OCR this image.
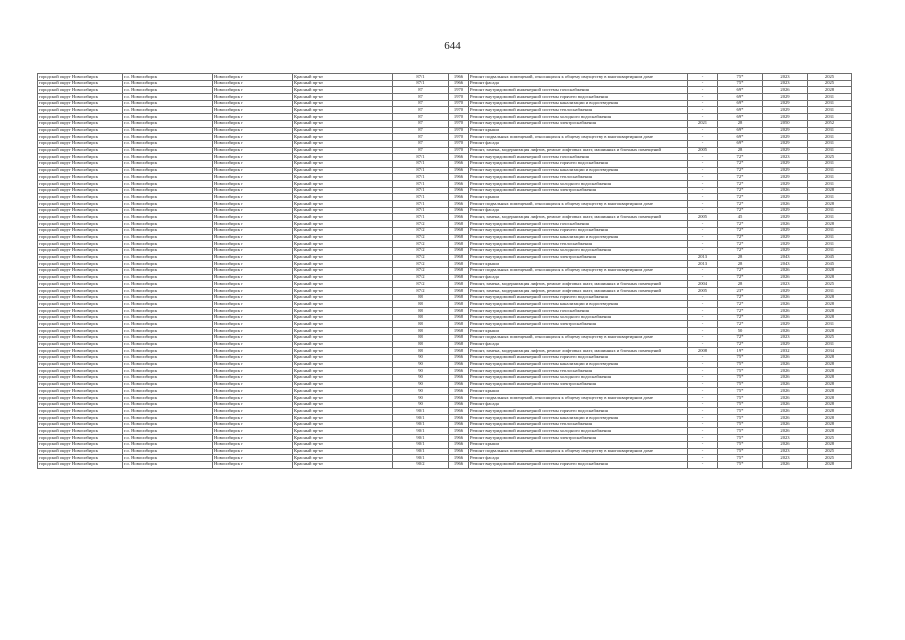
644
городской округ Новосибирск	г.о. Новосибирск	Новосибирск г	Красный пр-кт	87/1	1966	Ремонт подвальных помещений, относящихся к общему имуществу в многоквартирном доме	-	75*	2023	2025
городской округ Новосибирск	г.о. Новосибирск	Новосибирск г	Красный пр-кт	87/1	1966	Ремонт фасада	-	75*	2023	2025
городской округ Новосибирск	г.о. Новосибирск	Новосибирск г	Красный пр-кт	87	1970	Ремонт внутридомовой инженерной системы газоснабжения	-	69*	2026	2028
городской округ Новосибирск	г.о. Новосибирск	Новосибирск г	Красный пр-кт	87	1970	Ремонт внутридомовой инженерной системы горячего водоснабжения	-	69*	2029	2031
городской округ Новосибирск	г.о. Новосибирск	Новосибирск г	Красный пр-кт	87	1970	Ремонт внутридомовой инженерной системы канализации и водоотведения	-	69*	2029	2031
городской округ Новосибирск	г.о. Новосибирск	Новосибирск г	Красный пр-кт	87	1970	Ремонт внутридомовой инженерной системы теплоснабжения	-	69*	2029	2031
городской округ Новосибирск	г.о. Новосибирск	Новосибирск г	Красный пр-кт	87	1970	Ремонт внутридомовой инженерной системы холодного водоснабжения	-	69*	2029	2031
городской округ Новосибирск	г.о. Новосибирск	Новосибирск г	Красный пр-кт	87	1970	Ремонт внутридомовой инженерной системы электроснабжения	2021	28	2050	2052
городской округ Новосибирск	г.о. Новосибирск	Новосибирск г	Красный пр-кт	87	1970	Ремонт крыши	-	69*	2029	2031
городской округ Новосибирск	г.о. Новосибирск	Новосибирск г	Красный пр-кт	87	1970	Ремонт подвальных помещений, относящихся к общему имуществу в многоквартирном доме	-	69*	2029	2031
городской округ Новосибирск	г.о. Новосибирск	Новосибирск г	Красный пр-кт	87	1970	Ремонт фасада	-	69*	2029	2031
городской округ Новосибирск	г.о. Новосибирск	Новосибирск г	Красный пр-кт	87	1970	Ремонт, замена, модернизация лифтов, ремонт лифтовых шахт, машинных и блочных помещений	2005	28	2029	2031
городской округ Новосибирск	г.о. Новосибирск	Новосибирск г	Красный пр-кт	87/1	1966	Ремонт внутридомовой инженерной системы газоснабжения	-	72*	2023	2025
городской округ Новосибирск	г.о. Новосибирск	Новосибирск г	Красный пр-кт	87/1	1966	Ремонт внутридомовой инженерной системы горячего водоснабжения	-	72*	2029	2031
городской округ Новосибирск	г.о. Новосибирск	Новосибирск г	Красный пр-кт	87/1	1966	Ремонт внутридомовой инженерной системы канализации и водоотведения	-	72*	2029	2031
городской округ Новосибирск	г.о. Новосибирск	Новосибирск г	Красный пр-кт	87/1	1966	Ремонт внутридомовой инженерной системы теплоснабжения	-	72*	2029	2031
городской округ Новосибирск	г.о. Новосибирск	Новосибирск г	Красный пр-кт	87/1	1966	Ремонт внутридомовой инженерной системы холодного водоснабжения	-	72*	2029	2031
городской округ Новосибирск	г.о. Новосибирск	Новосибирск г	Красный пр-кт	87/1	1966	Ремонт внутридомовой инженерной системы электроснабжения	-	72*	2026	2028
городской округ Новосибирск	г.о. Новосибирск	Новосибирск г	Красный пр-кт	87/1	1966	Ремонт крыши	-	72*	2029	2031
городской округ Новосибирск	г.о. Новосибирск	Новосибирск г	Красный пр-кт	87/1	1966	Ремонт подвальных помещений, относящихся к общему имуществу в многоквартирном доме	-	72*	2026	2028
городской округ Новосибирск	г.о. Новосибирск	Новосибирск г	Красный пр-кт	87/1	1966	Ремонт фасада	-	72*	2029	2031
городской округ Новосибирск	г.о. Новосибирск	Новосибирск г	Красный пр-кт	87/1	1966	Ремонт, замена, модернизация лифтов, ремонт лифтовых шахт, машинных и блочных помещений	2005	45	2029	2031
городской округ Новосибирск	г.о. Новосибирск	Новосибирск г	Красный пр-кт	87/2	1968	Ремонт внутридомовой инженерной системы газоснабжения	-	72*	2026	2028
городской округ Новосибирск	г.о. Новосибирск	Новосибирск г	Красный пр-кт	87/2	1968	Ремонт внутридомовой инженерной системы горячего водоснабжения	-	72*	2029	2031
городской округ Новосибирск	г.о. Новосибирск	Новосибирск г	Красный пр-кт	87/2	1968	Ремонт внутридомовой инженерной системы канализации и водоотведения	-	72*	2029	2031
городской округ Новосибирск	г.о. Новосибирск	Новосибирск г	Красный пр-кт	87/2	1968	Ремонт внутридомовой инженерной системы теплоснабжения	-	72*	2029	2031
городской округ Новосибирск	г.о. Новосибирск	Новосибирск г	Красный пр-кт	87/2	1968	Ремонт внутридомовой инженерной системы холодного водоснабжения	-	72*	2029	2031
городской округ Новосибирск	г.о. Новосибирск	Новосибирск г	Красный пр-кт	87/2	1968	Ремонт внутридомовой инженерной системы электроснабжения	2013	28	2043	2045
городской округ Новосибирск	г.о. Новосибирск	Новосибирск г	Красный пр-кт	87/2	1968	Ремонт крыши	2013	28	2043	2045
городской округ Новосибирск	г.о. Новосибирск	Новосибирск г	Красный пр-кт	87/2	1968	Ремонт подвальных помещений, относящихся к общему имуществу в многоквартирном доме	-	72*	2026	2028
городской округ Новосибирск	г.о. Новосибирск	Новосибирск г	Красный пр-кт	87/2	1968	Ремонт фасада	-	72*	2026	2028
городской округ Новосибирск	г.о. Новосибирск	Новосибирск г	Красный пр-кт	87/2	1968	Ремонт, замена, модернизация лифтов, ремонт лифтовых шахт, машинных и блочных помещений	2004	28	2023	2025
городской округ Новосибирск	г.о. Новосибирск	Новосибирск г	Красный пр-кт	87/2	1968	Ремонт, замена, модернизация лифтов, ремонт лифтовых шахт, машинных и блочных помещений	2005	23*	2029	2031
городской округ Новосибирск	г.о. Новосибирск	Новосибирск г	Красный пр-кт	88	1968	Ремонт внутридомовой инженерной системы горячего водоснабжения	-	72*	2026	2028
городской округ Новосибирск	г.о. Новосибирск	Новосибирск г	Красный пр-кт	88	1968	Ремонт внутридомовой инженерной системы канализации и водоотведения	-	72*	2026	2028
городской округ Новосибирск	г.о. Новосибирск	Новосибирск г	Красный пр-кт	88	1968	Ремонт внутридомовой инженерной системы газоснабжения	-	72*	2026	2028
городской округ Новосибирск	г.о. Новосибирск	Новосибирск г	Красный пр-кт	88	1968	Ремонт внутридомовой инженерной системы холодного водоснабжения	-	72*	2026	2028
городской округ Новосибирск	г.о. Новосибирск	Новосибирск г	Красный пр-кт	88	1968	Ремонт внутридомовой инженерной системы электроснабжения	-	72*	2029	2031
городской округ Новосибирск	г.о. Новосибирск	Новосибирск г	Красный пр-кт	88	1968	Ремонт крыши	-	50	2026	2028
городской округ Новосибирск	г.о. Новосибирск	Новосибирск г	Красный пр-кт	88	1968	Ремонт подвальных помещений, относящихся к общему имуществу в многоквартирном доме	-	72*	2023	2025
городской округ Новосибирск	г.о. Новосибирск	Новосибирск г	Красный пр-кт	88	1968	Ремонт фасада	-	72*	2029	2031
городской округ Новосибирск	г.о. Новосибирск	Новосибирск г	Красный пр-кт	88	1968	Ремонт, замена, модернизация лифтов, ремонт лифтовых шахт, машинных и блочных помещений	2008	19*	2032	2034
городской округ Новосибирск	г.о. Новосибирск	Новосибирск г	Красный пр-кт	90	1966	Ремонт внутридомовой инженерной системы горячего водоснабжения	-	75*	2026	2028
городской округ Новосибирск	г.о. Новосибирск	Новосибирск г	Красный пр-кт	90	1966	Ремонт внутридомовой инженерной системы канализации и водоотведения	-	75*	2026	2028
городской округ Новосибирск	г.о. Новосибирск	Новосибирск г	Красный пр-кт	90	1966	Ремонт внутридомовой инженерной системы теплоснабжения	-	75*	2026	2028
городской округ Новосибирск	г.о. Новосибирск	Новосибирск г	Красный пр-кт	90	1966	Ремонт внутридомовой инженерной системы холодного водоснабжения	-	75*	2026	2028
городской округ Новосибирск	г.о. Новосибирск	Новосибирск г	Красный пр-кт	90	1966	Ремонт внутридомовой инженерной системы электроснабжения	-	75*	2026	2028
городской округ Новосибирск	г.о. Новосибирск	Новосибирск г	Красный пр-кт	90	1966	Ремонт крыши	-	75*	2026	2028
городской округ Новосибирск	г.о. Новосибирск	Новосибирск г	Красный пр-кт	90	1966	Ремонт подвальных помещений, относящихся к общему имуществу в многоквартирном доме	-	75*	2026	2028
городской округ Новосибирск	г.о. Новосибирск	Новосибирск г	Красный пр-кт	90	1966	Ремонт фасада	-	75*	2026	2028
городской округ Новосибирск	г.о. Новосибирск	Новосибирск г	Красный пр-кт	90/1	1966	Ремонт внутридомовой инженерной системы горячего водоснабжения	-	75*	2026	2028
городской округ Новосибирск	г.о. Новосибирск	Новосибирск г	Красный пр-кт	90/1	1966	Ремонт внутридомовой инженерной системы канализации и водоотведения	-	75*	2026	2028
городской округ Новосибирск	г.о. Новосибирск	Новосибирск г	Красный пр-кт	90/1	1966	Ремонт внутридомовой инженерной системы теплоснабжения	-	75*	2026	2028
городской округ Новосибирск	г.о. Новосибирск	Новосибирск г	Красный пр-кт	90/1	1966	Ремонт внутридомовой инженерной системы холодного водоснабжения	-	75*	2026	2028
городской округ Новосибирск	г.о. Новосибирск	Новосибирск г	Красный пр-кт	90/1	1966	Ремонт внутридомовой инженерной системы электроснабжения	-	75*	2023	2025
городской округ Новосибирск	г.о. Новосибирск	Новосибирск г	Красный пр-кт	90/1	1966	Ремонт крыши	-	75*	2026	2028
городской округ Новосибирск	г.о. Новосибирск	Новосибирск г	Красный пр-кт	90/1	1966	Ремонт подвальных помещений, относящихся к общему имуществу в многоквартирном доме	-	75*	2023	2025
городской округ Новосибирск	г.о. Новосибирск	Новосибирск г	Красный пр-кт	90/1	1966	Ремонт фасада	-	75*	2023	2025
городской округ Новосибирск	г.о. Новосибирск	Новосибирск г	Красный пр-кт	90/2	1966	Ремонт внутридомовой инженерной системы горячего водоснабжения	-	75*	2026	2028
